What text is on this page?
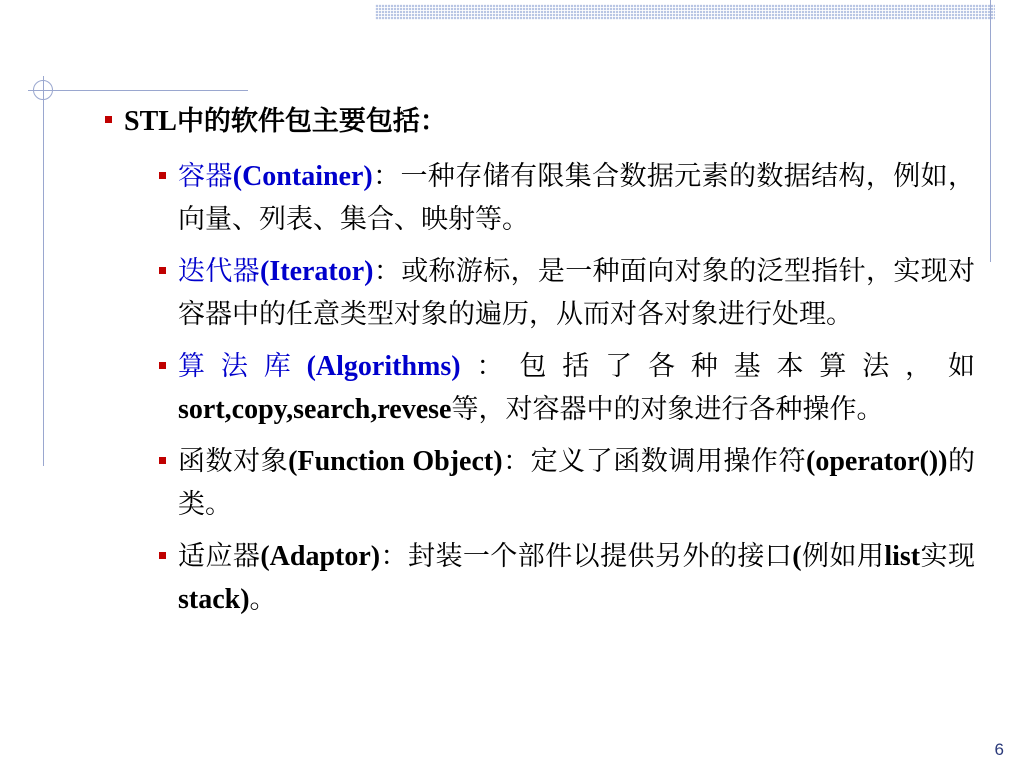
STL中的软件包主要包括：
容器(Container)：一种存储有限集合数据元素的数据结构，例如，向量、列表、集合、映射等。
迭代器(Iterator)：或称游标，是一种面向对象的泛型指针，实现对容器中的任意类型对象的遍历，从而对各对象进行处理。
算法库(Algorithms)：包括了各种基本算法，如sort,copy,search,revese等，对容器中的对象进行各种操作。
函数对象(Function Object)：定义了函数调用操作符(operator())的类。
适应器(Adaptor)：封装一个部件以提供另外的接口(例如用list实现stack)。
6
